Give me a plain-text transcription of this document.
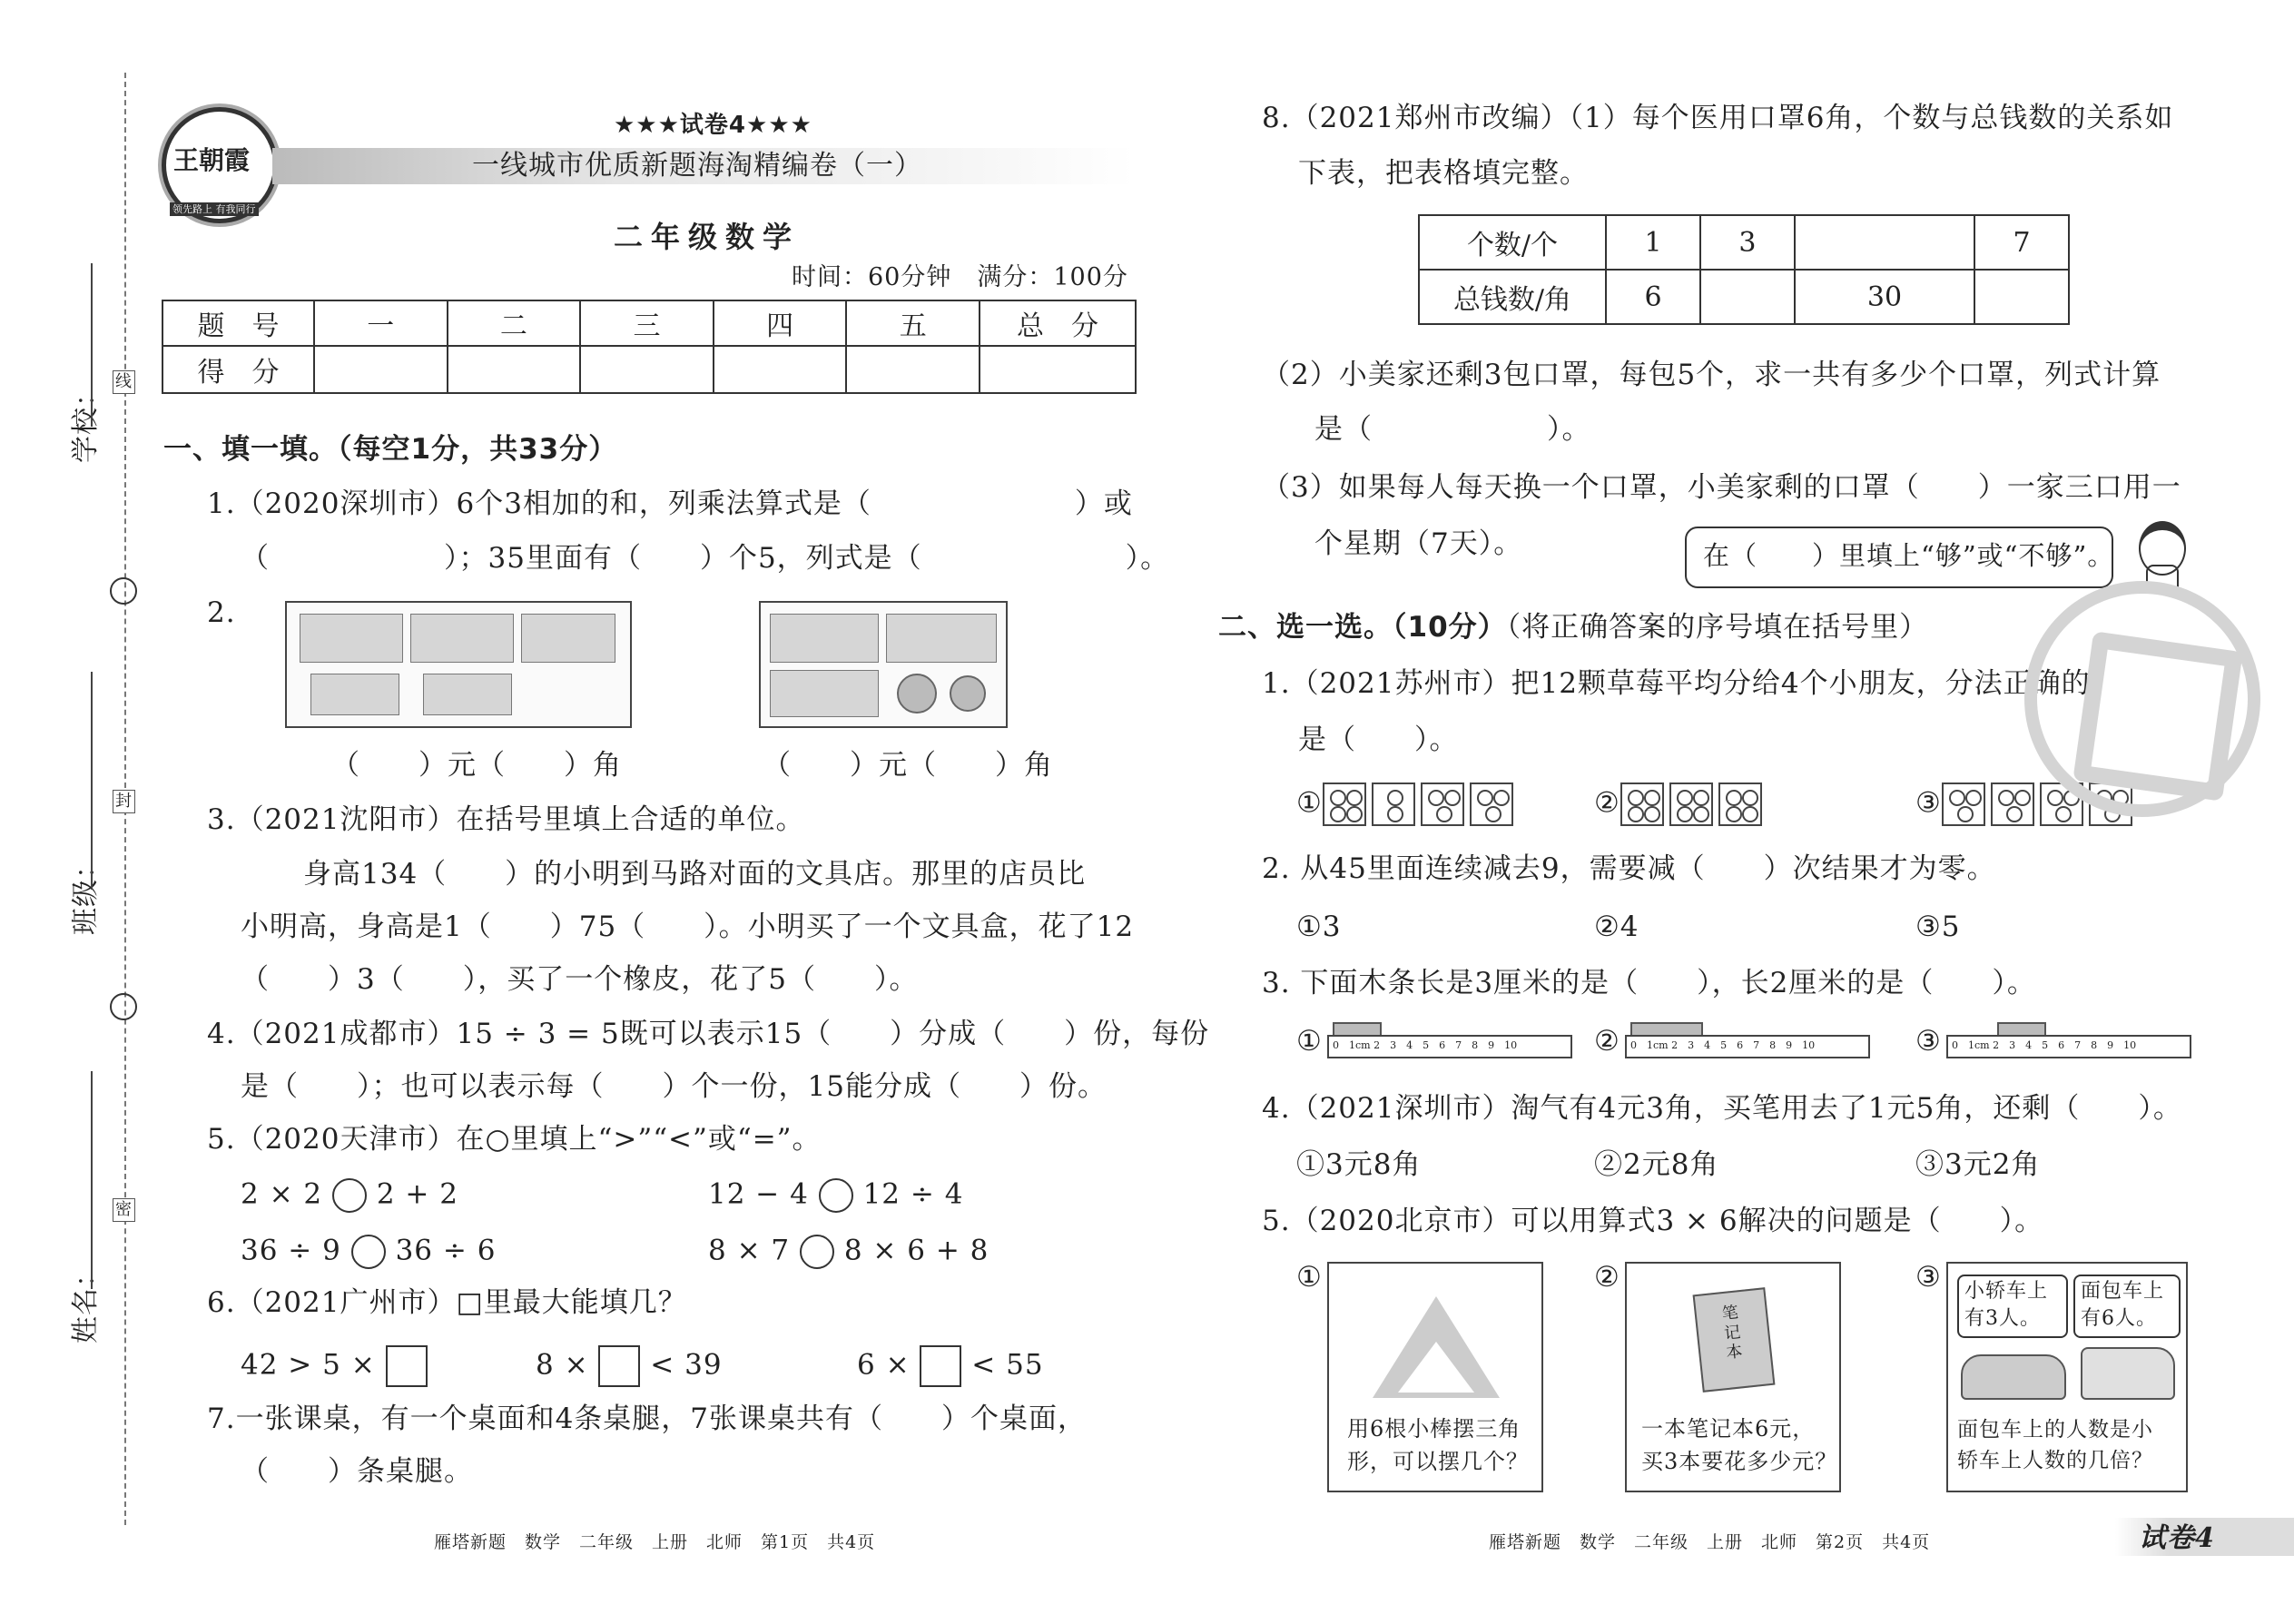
线
封
密
学校：
班级：
姓名：
王朝霞
领先路上 有我同行
★★★试卷4★★★
一线城市优质新题海淘精编卷（一）
二年级数学
时间：60分钟　满分：100分
题　号	一	二	三	四	五	总　分
得　分						
一、填一填。（每空1分，共33分）
1.（2020深圳市）6个3相加的和，列乘法算式是（　　　　　　　）或
（　　　　　　）；35里面有（　　）个5，列式是（　　　　　　　）。
2.
（　　）元（　　）角	（　　）元（　　）角
3.（2021沈阳市）在括号里填上合适的单位。
身高134（　　）的小明到马路对面的文具店。那里的店员比
小明高，身高是1（　　）75（　　）。小明买了一个文具盒，花了12
（　　）3（　　），买了一个橡皮，花了5（　　）。
4.（2021成都市）15 ÷ 3 = 5既可以表示15（　　）分成（　　）份，每份
是（　　）；也可以表示每（　　）个一份，15能分成（　　）份。
5.（2020天津市）在○里填上“>”“<”或“=”。
2 × 2 2 + 2	12 − 4 12 ÷ 4
36 ÷ 9 36 ÷ 6	8 × 7 8 × 6 + 8
6.（2021广州市）□里最大能填几？
42 > 5 ×	8 × < 39	6 × < 55
7.一张课桌，有一个桌面和4条桌腿，7张课桌共有（　　）个桌面，
（　　）条桌腿。
8.（2021郑州市改编）（1）每个医用口罩6角，个数与总钱数的关系如
下表，把表格填完整。
个数/个	1	3		7
总钱数/角	6		30	
（2）小美家还剩3包口罩，每包5个，求一共有多少个口罩，列式计算
是（　　　　　　）。
（3）如果每人每天换一个口罩，小美家剩的口罩（　　）一家三口用一
个星期（7天）。	在（　　）里填上“够”或“不够”。
二、选一选。（10分）（将正确答案的序号填在括号里）
1.（2021苏州市）把12颗草莓平均分给4个小朋友，分法正确的
是（　　）。
①	②	③
2. 从45里面连续减去9，需要减（　　）次结果才为零。
①3	②4	③5
3. 下面木条长是3厘米的是（　　），长2厘米的是（　　）。
① 0　1cm 2　3　4　5　6　7　8　9　10	② 0　1cm 2　3　4　5　6　7　8　9　10	③ 0　1cm 2　3　4　5　6　7　8　9　10
4.（2021深圳市）淘气有4元3角，买笔用去了1元5角，还剩（　　）。
①3元8角	②2元8角	③3元2角
5.（2020北京市）可以用算式3 × 6解决的问题是（　　）。
①
用6根小棒摆三角
形，可以摆几个？
②
笔记本
一本笔记本6元，
买3本要花多少元？
③ 小轿车上
有3人。
面包车上
有6人。
面包车上的人数是小
轿车上人数的几倍？
雁塔新题　数学　二年级　上册　北师　第1页　共4页	雁塔新题　数学　二年级　上册　北师　第2页　共4页	试卷4
